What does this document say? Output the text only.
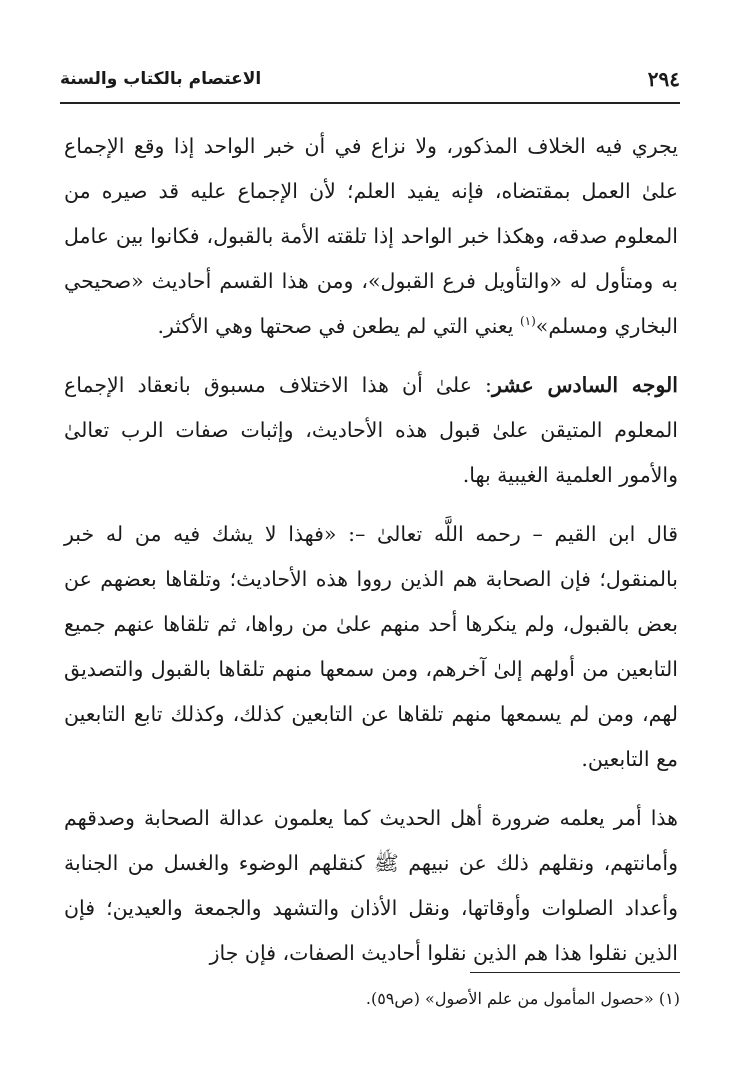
٢٩٤
الاعتصام بالكتاب والسنة

يجري فيه الخلاف المذكور، ولا نزاع في أن خبر الواحد إذا وقع الإجماع علىٰ العمل بمقتضاه، فإنه يفيد العلم؛ لأن الإجماع عليه قد صيره من المعلوم صدقه، وهكذا خبر الواحد إذا تلقته الأمة بالقبول، فكانوا بين عامل به ومتأول له «والتأويل فرع القبول»، ومن هذا القسم أحاديث «صحيحي البخاري ومسلم»$^{(١)}$ يعني التي لم يطعن في صحتها وهي الأكثر.

الوجه السادس عشر: علىٰ أن هذا الاختلاف مسبوق بانعقاد الإجماع المعلوم المتيقن علىٰ قبول هذه الأحاديث، وإثبات صفات الرب تعالىٰ والأمور العلمية الغيبية بها.

قال ابن القيم – رحمه اللَّه تعالىٰ –: «فهذا لا يشك فيه من له خبر بالمنقول؛ فإن الصحابة هم الذين رووا هذه الأحاديث؛ وتلقاها بعضهم عن بعض بالقبول، ولم ينكرها أحد منهم علىٰ من رواها، ثم تلقاها عنهم جميع التابعين من أولهم إلىٰ آخرهم، ومن سمعها منهم تلقاها بالقبول والتصديق لهم، ومن لم يسمعها منهم تلقاها عن التابعين كذلك، وكذلك تابع التابعين مع التابعين.

هذا أمر يعلمه ضرورة أهل الحديث كما يعلمون عدالة الصحابة وصدقهم وأمانتهم، ونقلهم ذلك عن نبيهم ﷺ كنقلهم الوضوء والغسل من الجنابة وأعداد الصلوات وأوقاتها، ونقل الأذان والتشهد والجمعة والعيدين؛ فإن الذين نقلوا هذا هم الذين نقلوا أحاديث الصفات، فإن جاز

(١) «حصول المأمول من علم الأصول» (ص٥٩).
